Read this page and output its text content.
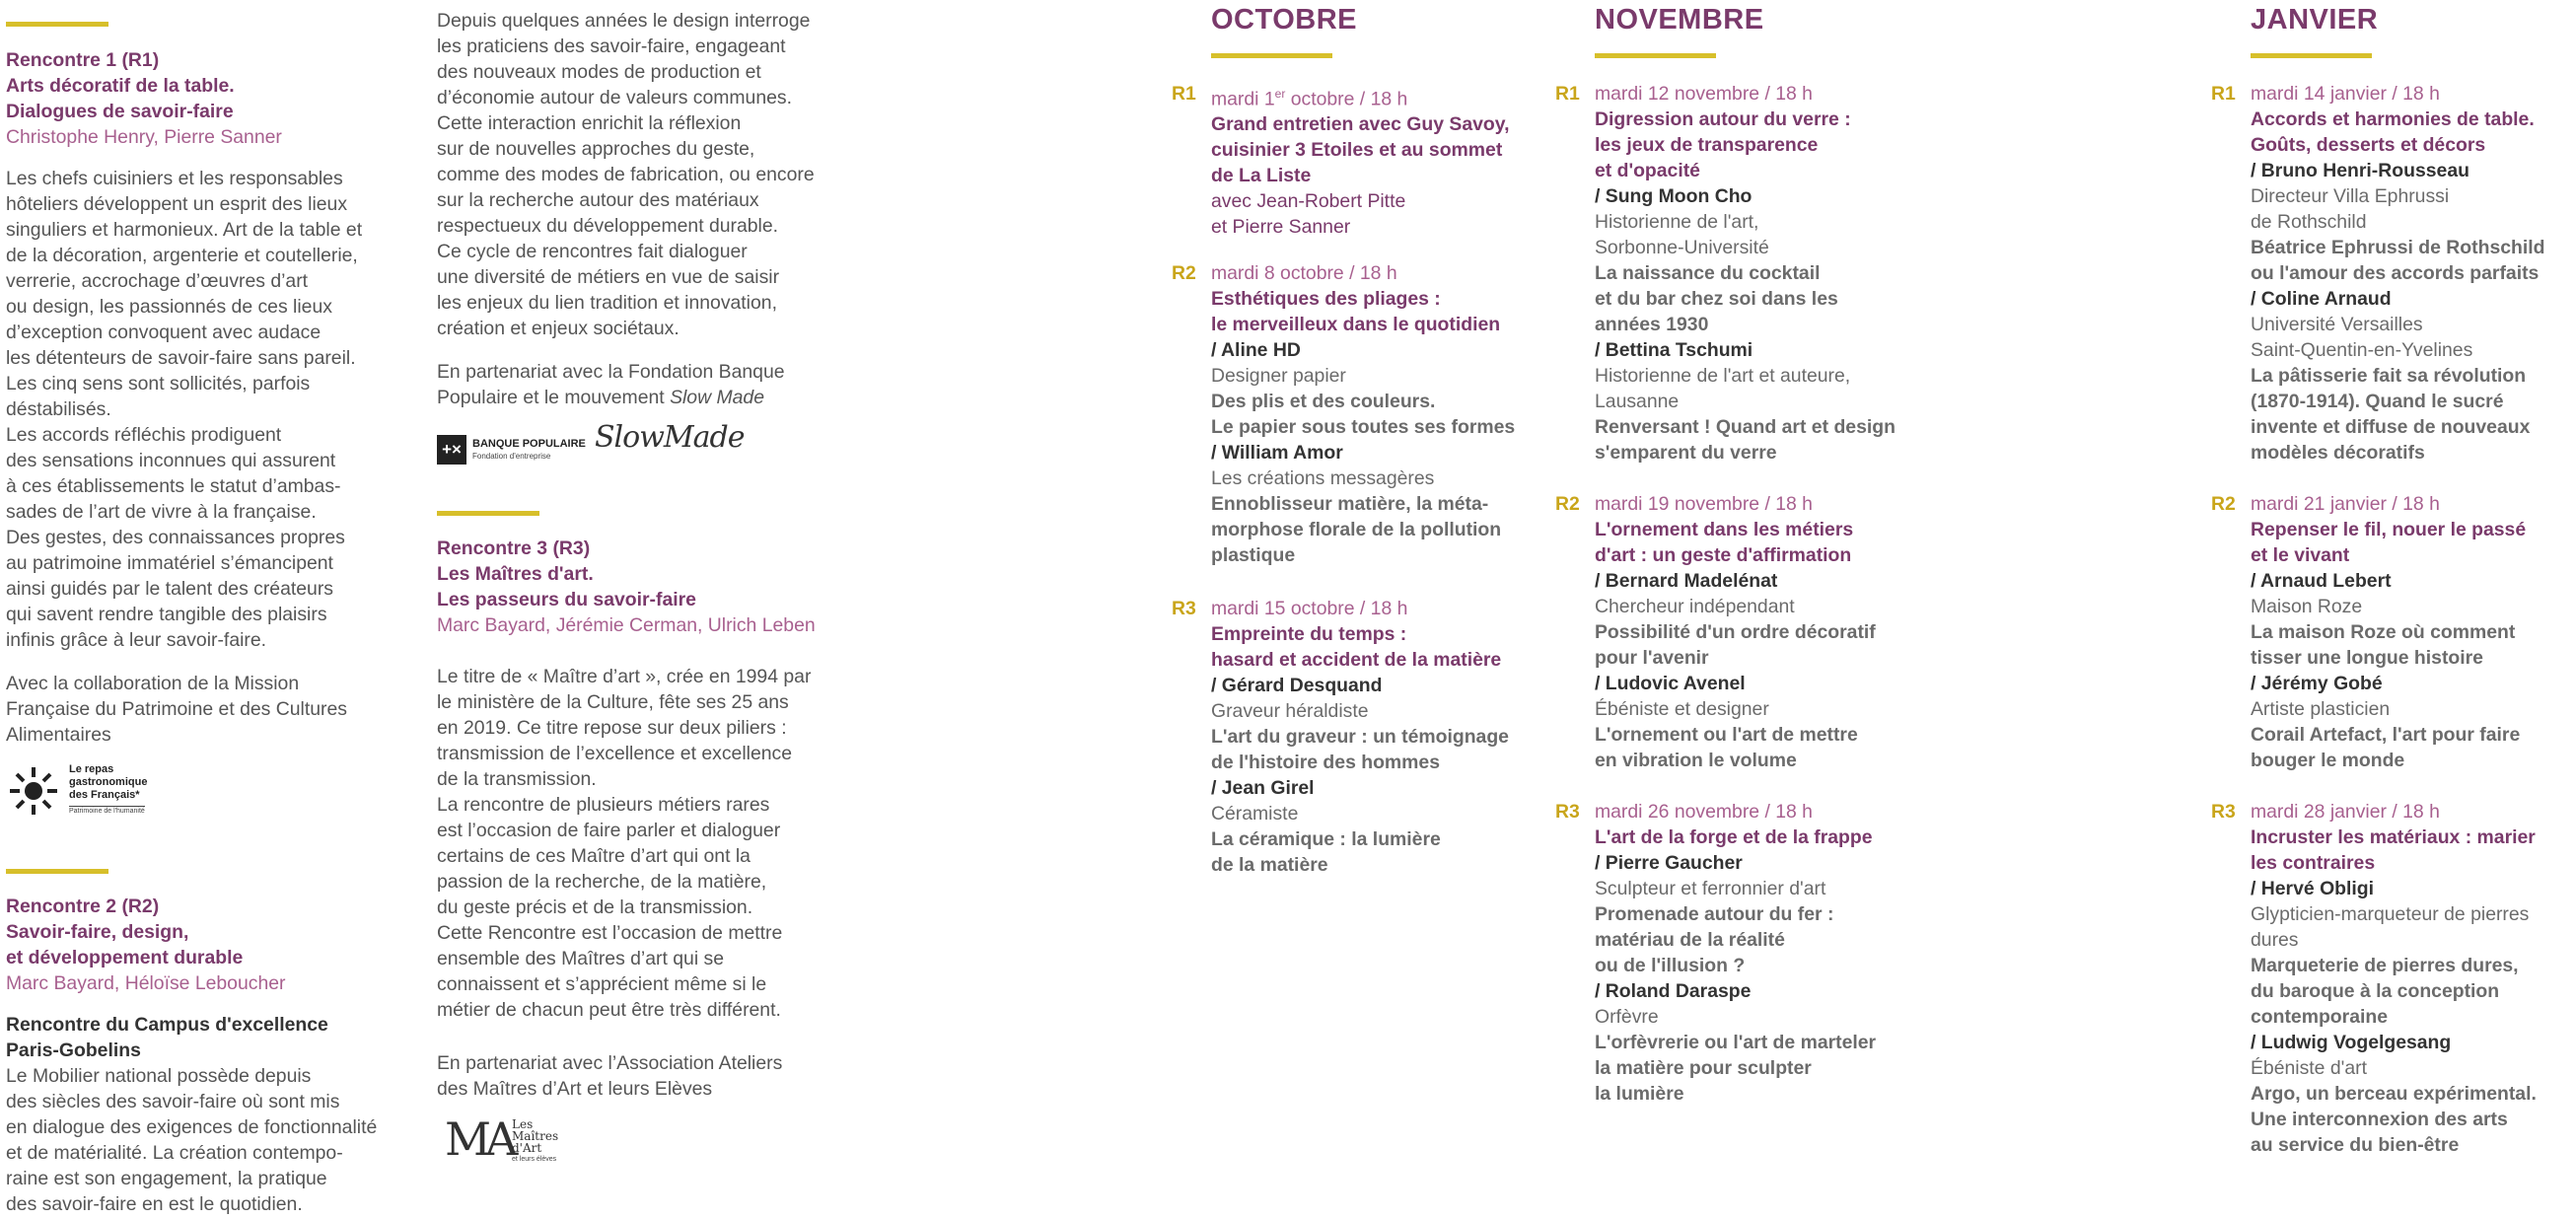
Rencontre 1 (R1)
Arts décoratif de la table.
Dialogues de savoir-faire

Christophe Henry, Pierre Sanner

Les chefs cuisiniers et les responsables
hôteliers développent un esprit des lieux
singuliers et harmonieux. Art de la table et
de la décoration, argenterie et coutellerie,
verrerie, accrochage d’œuvres d’art
ou design, les passionnés de ces lieux
d’exception convoquent avec audace
les détenteurs de savoir-faire sans pareil.
Les cinq sens sont sollicités, parfois
déstabilisés.
Les accords réfléchis prodiguent
des sensations inconnues qui assurent
à ces établissements le statut d’ambas-
sades de l’art de vivre à la française.
Des gestes, des connaissances propres
au patrimoine immatériel s’émancipent
ainsi guidés par le talent des créateurs
qui savent rendre tangible des plaisirs
infinis grâce à leur savoir-faire.

Avec la collaboration de la Mission
Française du Patrimoine et des Cultures
Alimentaires

Le repas
gastronomique
des Français*
Patrimoine de l'humanité

Rencontre 2 (R2)
Savoir-faire, design,
et développement durable

Marc Bayard, Héloïse Leboucher

Rencontre du Campus d'excellence
Paris-Gobelins

Le Mobilier national possède depuis
des siècles des savoir-faire où sont mis
en dialogue des exigences de fonctionnalité
et de matérialité. La création contempo-
raine est son engagement, la pratique
des savoir-faire en est le quotidien.

Depuis quelques années le design interroge
les praticiens des savoir-faire, engageant
des nouveaux modes de production et
d’économie autour de valeurs communes.
Cette interaction enrichit la réflexion
sur de nouvelles approches du geste,
comme des modes de fabrication, ou encore
sur la recherche autour des matériaux
respectueux du développement durable.
Ce cycle de rencontres fait dialoguer
une diversité de métiers en vue de saisir
les enjeux du lien tradition et innovation,
création et enjeux sociétaux.

En partenariat avec la Fondation Banque
Populaire et le mouvement Slow Made

+×	BANQUE POPULAIRE
Fondation d'entreprise
SlowMade

Rencontre 3 (R3)
Les Maîtres d'art.
Les passeurs du savoir-faire

Marc Bayard, Jérémie Cerman, Ulrich Leben

Le titre de « Maître d’art », crée en 1994 par
le ministère de la Culture, fête ses 25 ans
en 2019. Ce titre repose sur deux piliers :
transmission de l’excellence et excellence
de la transmission.
La rencontre de plusieurs métiers rares
est l’occasion de faire parler et dialoguer
certains de ces Maître d’art qui ont la
passion de la recherche, de la matière,
du geste précis et de la transmission.
Cette Rencontre est l’occasion de mettre
ensemble des Maîtres d’art qui se
connaissent et s’apprécient même si le
métier de chacun peut être très différent.

En partenariat avec l’Association Ateliers
des Maîtres d’Art et leurs Elèves

MA Les
Maîtres
d'Art
et leurs élèves
OCTOBRE
R1 mardi 1er octobre / 18 h
Grand entretien avec Guy Savoy,
cuisinier 3 Etoiles et au sommet
de La Liste
avec Jean-Robert Pitte
et Pierre Sanner
R2 mardi 8 octobre / 18 h
Esthétiques des pliages :
le merveilleux dans le quotidien
/ Aline HD
Designer papier
Des plis et des couleurs.
Le papier sous toutes ses formes
/ William Amor
Les créations messagères
Ennoblisseur matière, la méta-
morphose florale de la pollution
plastique
R3 mardi 15 octobre / 18 h
Empreinte du temps :
hasard et accident de la matière
/ Gérard Desquand
Graveur héraldiste
L'art du graveur : un témoignage
de l'histoire des hommes
/ Jean Girel
Céramiste
La céramique : la lumière
de la matière
NOVEMBRE
R1 mardi 12 novembre / 18 h
Digression autour du verre :
les jeux de transparence
et d'opacité
/ Sung Moon Cho
Historienne de l'art,
Sorbonne-Université
La naissance du cocktail
et du bar chez soi dans les
années 1930
/ Bettina Tschumi
Historienne de l'art et auteure,
Lausanne
Renversant ! Quand art et design
s'emparent du verre
R2 mardi 19 novembre / 18 h
L'ornement dans les métiers
d'art : un geste d'affirmation
/ Bernard Madelénat
Chercheur indépendant
Possibilité d'un ordre décoratif
pour l'avenir
/ Ludovic Avenel
Ébéniste et designer
L'ornement ou l'art de mettre
en vibration le volume
R3 mardi 26 novembre / 18 h
L'art de la forge et de la frappe
/ Pierre Gaucher
Sculpteur et ferronnier d'art
Promenade autour du fer :
matériau de la réalité
ou de l'illusion ?
/ Roland Daraspe
Orfèvre
L'orfèvrerie ou l'art de marteler
la matière pour sculpter
la lumière
JANVIER
R1 mardi 14 janvier / 18 h
Accords et harmonies de table.
Goûts, desserts et décors
/ Bruno Henri-Rousseau
Directeur Villa Ephrussi
de Rothschild
Béatrice Ephrussi de Rothschild
ou l'amour des accords parfaits
/ Coline Arnaud
Université Versailles
Saint-Quentin-en-Yvelines
La pâtisserie fait sa révolution
(1870-1914). Quand le sucré
invente et diffuse de nouveaux
modèles décoratifs
R2 mardi 21 janvier / 18 h
Repenser le fil, nouer le passé
et le vivant
/ Arnaud Lebert
Maison Roze
La maison Roze où comment
tisser une longue histoire
/ Jérémy Gobé
Artiste plasticien
Corail Artefact, l'art pour faire
bouger le monde
R3 mardi 28 janvier / 18 h
Incruster les matériaux : marier
les contraires
/ Hervé Obligi
Glypticien-marqueteur de pierres
dures
Marqueterie de pierres dures,
du baroque à la conception
contemporaine
/ Ludwig Vogelgesang
Ébéniste d'art
Argo, un berceau expérimental.
Une interconnexion des arts
au service du bien-être
